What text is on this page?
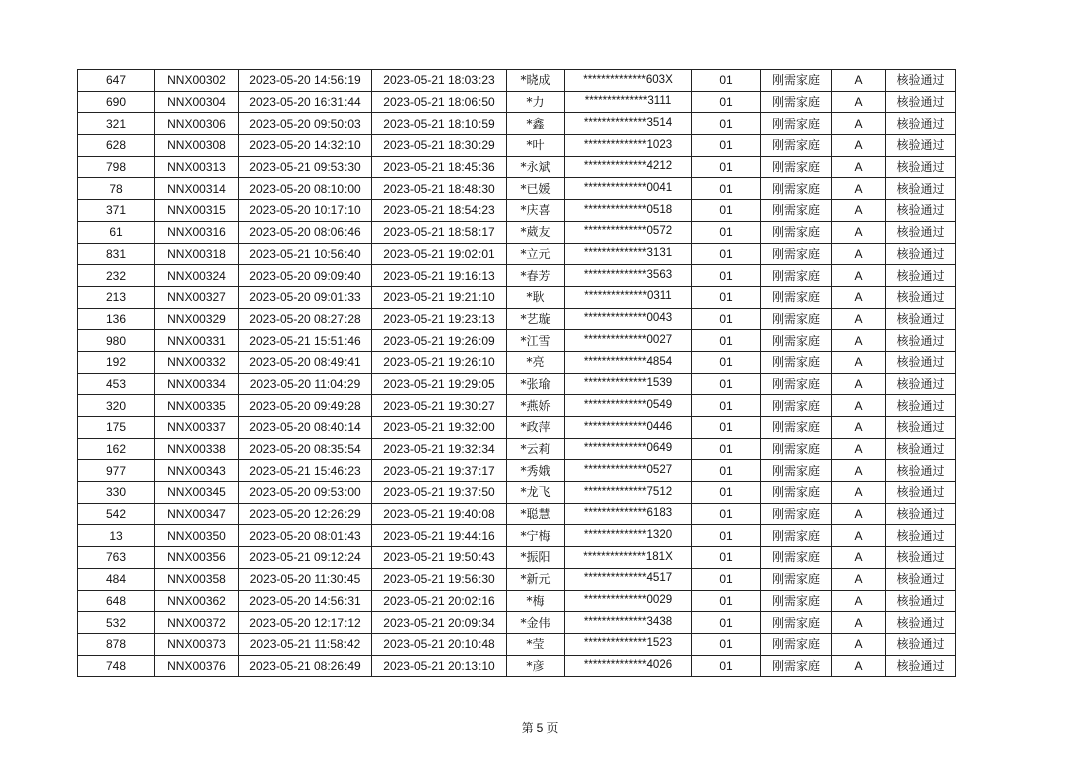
647	NNX00302	2023-05-20 14:56:19	2023-05-21 18:03:23	*晓成	**************603X	01	刚需家庭	A	核验通过
690	NNX00304	2023-05-20 16:31:44	2023-05-21 18:06:50	*力	**************3111	01	刚需家庭	A	核验通过
321	NNX00306	2023-05-20 09:50:03	2023-05-21 18:10:59	*鑫	**************3514	01	刚需家庭	A	核验通过
628	NNX00308	2023-05-20 14:32:10	2023-05-21 18:30:29	*叶	**************1023	01	刚需家庭	A	核验通过
798	NNX00313	2023-05-21 09:53:30	2023-05-21 18:45:36	*永斌	**************4212	01	刚需家庭	A	核验通过
78	NNX00314	2023-05-20 08:10:00	2023-05-21 18:48:30	*已媛	**************0041	01	刚需家庭	A	核验通过
371	NNX00315	2023-05-20 10:17:10	2023-05-21 18:54:23	*庆喜	**************0518	01	刚需家庭	A	核验通过
61	NNX00316	2023-05-20 08:06:46	2023-05-21 18:58:17	*葳友	**************0572	01	刚需家庭	A	核验通过
831	NNX00318	2023-05-21 10:56:40	2023-05-21 19:02:01	*立元	**************3131	01	刚需家庭	A	核验通过
232	NNX00324	2023-05-20 09:09:40	2023-05-21 19:16:13	*春芳	**************3563	01	刚需家庭	A	核验通过
213	NNX00327	2023-05-20 09:01:33	2023-05-21 19:21:10	*耿	**************0311	01	刚需家庭	A	核验通过
136	NNX00329	2023-05-20 08:27:28	2023-05-21 19:23:13	*艺璇	**************0043	01	刚需家庭	A	核验通过
980	NNX00331	2023-05-21 15:51:46	2023-05-21 19:26:09	*江雪	**************0027	01	刚需家庭	A	核验通过
192	NNX00332	2023-05-20 08:49:41	2023-05-21 19:26:10	*亮	**************4854	01	刚需家庭	A	核验通过
453	NNX00334	2023-05-20 11:04:29	2023-05-21 19:29:05	*张瑜	**************1539	01	刚需家庭	A	核验通过
320	NNX00335	2023-05-20 09:49:28	2023-05-21 19:30:27	*燕娇	**************0549	01	刚需家庭	A	核验通过
175	NNX00337	2023-05-20 08:40:14	2023-05-21 19:32:00	*政萍	**************0446	01	刚需家庭	A	核验通过
162	NNX00338	2023-05-20 08:35:54	2023-05-21 19:32:34	*云莉	**************0649	01	刚需家庭	A	核验通过
977	NNX00343	2023-05-21 15:46:23	2023-05-21 19:37:17	*秀娥	**************0527	01	刚需家庭	A	核验通过
330	NNX00345	2023-05-20 09:53:00	2023-05-21 19:37:50	*龙飞	**************7512	01	刚需家庭	A	核验通过
542	NNX00347	2023-05-20 12:26:29	2023-05-21 19:40:08	*聪慧	**************6183	01	刚需家庭	A	核验通过
13	NNX00350	2023-05-20 08:01:43	2023-05-21 19:44:16	*宁梅	**************1320	01	刚需家庭	A	核验通过
763	NNX00356	2023-05-21 09:12:24	2023-05-21 19:50:43	*振阳	**************181X	01	刚需家庭	A	核验通过
484	NNX00358	2023-05-20 11:30:45	2023-05-21 19:56:30	*新元	**************4517	01	刚需家庭	A	核验通过
648	NNX00362	2023-05-20 14:56:31	2023-05-21 20:02:16	*梅	**************0029	01	刚需家庭	A	核验通过
532	NNX00372	2023-05-20 12:17:12	2023-05-21 20:09:34	*金伟	**************3438	01	刚需家庭	A	核验通过
878	NNX00373	2023-05-21 11:58:42	2023-05-21 20:10:48	*莹	**************1523	01	刚需家庭	A	核验通过
748	NNX00376	2023-05-21 08:26:49	2023-05-21 20:13:10	*彦	**************4026	01	刚需家庭	A	核验通过
第 5 页
